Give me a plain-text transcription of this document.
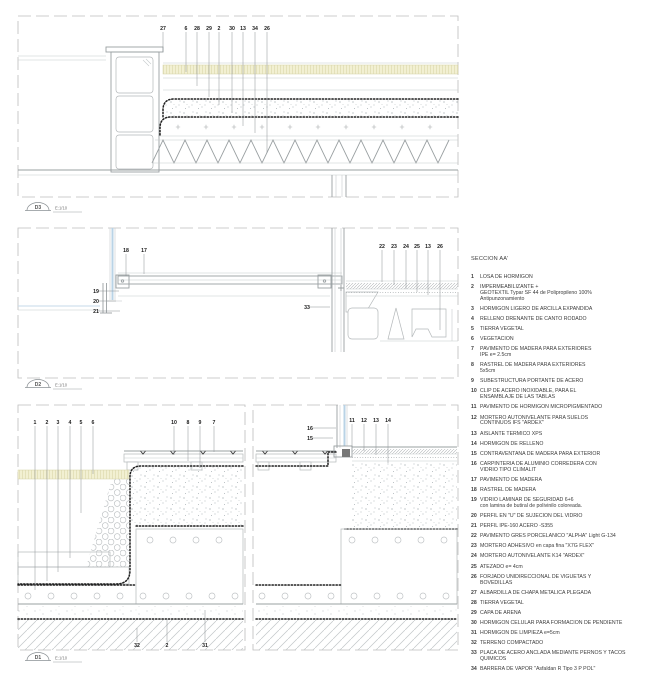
27	6 28 29 2 30 13 34 26
D3	E:1/10
18 17
19
20
21
33
22 23 24 25 13 26
D2	E:1/10
1 2 3 4 5 6	10 8 9 7
16
15
11 12 13 14
32	2	31
D1	E:1/10
SECCION AA'
1	LOSA DE HORMIGON
2	IMPERMEABILIZANTE +
GEOTEXTIL Typar SF 44 de Polipropileno 100%
Antipunzonamiento
3	HORMIGON LIGERO DE ARCILLA EXPANDIDA
4	RELLENO DRENANTE DE CANTO RODADO
5	TIERRA VEGETAL
6	VEGETACION
7	PAVIMENTO DE MADERA PARA EXTERIORES
IPE e= 2.5cm
8	RASTREL DE MADERA PARA EXTERIORES
5x5cm
9	SUBESTRUCTURA PORTANTE DE ACERO
10 CLIP DE ACERO INOXIDABLE, PARA EL
ENSAMBLAJE DE LAS TABLAS
11 PAVIMENTO DE HORMIGON MICROPIGMENTADO
12 MORTERO AUTONIVELANTE PARA SUELOS
CONTINUOS IFS "ARDEX"
13 AISLANTE TERMICO XPS
14 HORMIGON DE RELLENO
15 CONTRAVENTANA DE MADERA PARA EXTERIOR
16 CARPINTERIA DE ALUMINIO CORREDERA CON
VIDRIO TIPO CLIMALIT
17 PAVIMENTO DE MADERA
18 RASTREL DE MADERA
19 VIDRIO LAMINAR DE SEGURIDAD 6+6
con lamina de butiral de polivinilo coloreada.
20 PERFIL EN "U" DE SUJECION DEL VIDRIO
21 PERFIL IPE-160 ACERO -S355
22 PAVIMENTO GRES PORCELANICO "ALPHA" Light G-134
23 MORTERO ADHESIVO en capa fina "X7G FLEX"
24 MORTERO AUTONIVELANTE K14 "ARDEX"
25 ATEZADO e= 4cm
26 FORJADO UNIDIRECCIONAL DE VIGUETAS Y
BOVEDILLAS
27 ALBARDILLA DE CHAPA METALICA PLEGADA
28 TIERRA VEGETAL
29 CAPA DE ARENA
30 HORMIGON CELULAR PARA FORMACION DE PENDIENTE
31 HORMIGON DE LIMPIEZA e=5cm
32 TERRENO COMPACTADO
33 PLACA DE ACERO ANCLADA MEDIANTE PERNOS Y TACOS QUIMICOS
34 BARRERA DE VAPOR "Asfaldan R Tipo 3 P POL"
